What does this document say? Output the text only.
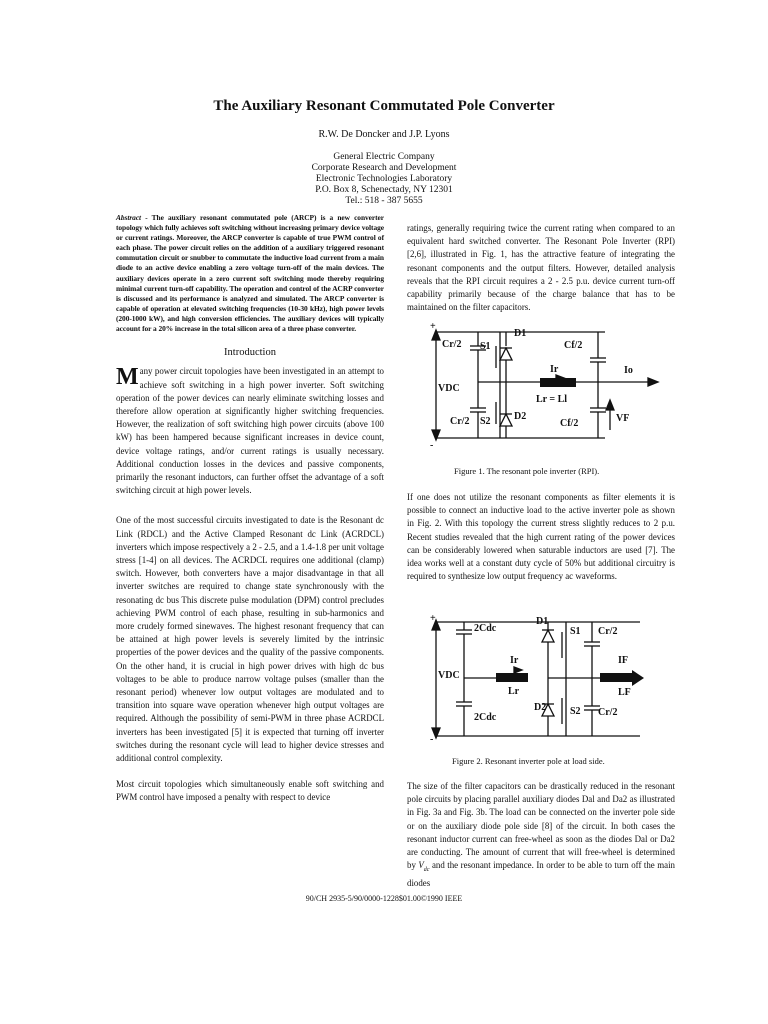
The Auxiliary Resonant Commutated Pole Converter
R.W. De Doncker and J.P. Lyons
General Electric Company
Corporate Research and Development
Electronic Technologies Laboratory
P.O. Box 8, Schenectady, NY 12301
Tel.: 518 - 387 5655

Abstract - The auxiliary resonant commutated pole (ARCP) is a new converter topology which fully achieves soft switching without increasing primary device voltage or current ratings. Moreover, the ARCP converter is capable of true PWM control of each phase. The power circuit relies on the addition of a auxiliary triggered resonant commutation circuit or snubber to commutate the inductive load current from a main diode to an active device enabling a zero voltage turn-off of the main devices. The auxiliary devices operate in a zero current soft switching mode thereby requiring minimal current turn-off capability. The operation and control of the ACRP converter is discussed and its performance is analyzed and simulated. The ARCP converter is capable of operation at elevated switching frequencies (10-30 kHz), high power levels (200-1000 kW), and high conversion efficiencies. The auxiliary devices will typically account for a 20% increase in the total silicon area of a three phase converter.

Introduction

Many power circuit topologies have been investigated in an attempt to achieve soft switching in a high power inverter. Soft switching operation of the power devices can nearly eliminate switching losses and therefore allow operation at significantly higher switching frequencies. However, the realization of soft switching high power circuits (above 100 kW) has been hampered because significant increases in device count, device voltage ratings, and/or current ratings is usually necessary. Additional conduction losses in the devices and passive components, primarily the resonant inductors, can further offset the advantage of a soft switching circuit at high power levels.

One of the most successful circuits investigated to date is the Resonant dc Link (RDCL) and the Active Clamped Resonant dc Link (ACRDCL) inverters which impose respectively a 2 - 2.5, and a 1.4-1.8 per unit voltage stress [1-4] on all devices. The ACRDCL requires one additional (clamp) switch. However, both converters have a major disadvantage in that all inverter switches are required to change state synchronously with the resonating dc bus This discrete pulse modulation (DPM) control precludes achieving PWM control of each phase, resulting in sub-harmonics and more crudely formed sinewaves. The highest resonant frequency that can be attained at high power levels is severely limited by the intrinsic properties of the power devices and the quality of the passive components. On the other hand, it is crucial in high power drives with high dc bus voltages to be able to produce narrow voltage pulses (smaller than the resonant period) whenever low output voltages are modulated and to transition into square wave operation whenever high output voltages are required. Although the possibility of semi-PWM in three phase ACRDCL inverters has been investigated [5] it is expected that turning off inverter switches during the resonant cycle will lead to higher device stresses and additional control complexity.

Most circuit topologies which simultaneously enable soft switching and PWM control have imposed a penalty with respect to device

ratings, generally requiring twice the current rating when compared to an equivalent hard switched converter. The Resonant Pole Inverter (RPI) [2,6], illustrated in Fig. 1, has the attractive feature of integrating the resonant components and the output filters. However, detailed analysis reveals that the RPI circuit requires a 2 - 2.5 p.u. device current turn-off capability primarily because of the charge balance that has to be maintained on the filter capacitors.

+
-
Cr/2 S1
D1
Cf/2
VDC
Ir	Io
Lr = Ll
Cr/2 S2 D2
Cf/2	VF
Figure 1. The resonant pole inverter (RPI).

If one does not utilize the resonant components as filter elements it is possible to connect an inductive load to the active inverter pole as shown in Fig. 2. With this topology the current stress slightly reduces to 2 p.u. Recent studies revealed that the high current rating of the power devices can be considerably lowered when saturable inductors are used [7]. The idea works well at a constant duty cycle of 50% but additional circuitry is required to synthesize low output frequency ac waveforms.

+
-
2Cdc
D1
S1 Cr/2
VDC
Ir
Lr
IF
LF
2Cdc
D2 S2 Cr/2
Figure 2. Resonant inverter pole at load side.

The size of the filter capacitors can be drastically reduced in the resonant pole circuits by placing parallel auxiliary diodes Dal and Da2 as illustrated in Fig. 3a and Fig. 3b. The load can be connected on the inverter pole side or on the auxiliary diode pole side [8] of the circuit. In both cases the resonant inductor current can free-wheel as soon as the diodes Dal or Da2 are conducting. The amount of current that will free-wheel is determined by $V_{dc}$ and the resonant impedance. In order to be able to turn off the main diodes

90/CH 2935-5/90/0000-1228$01.00©1990 IEEE
